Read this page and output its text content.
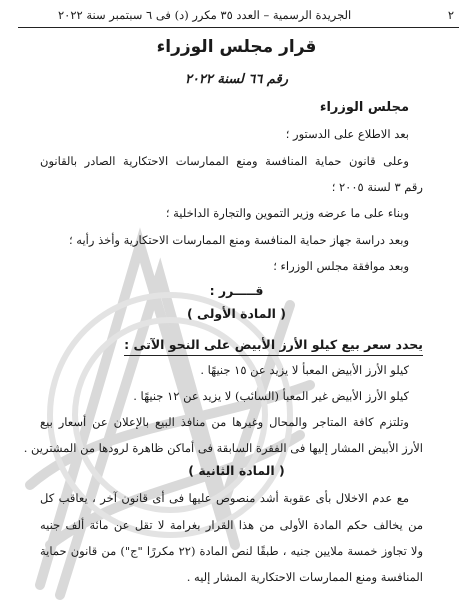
٢
الجريدة الرسمية – العدد ٣٥ مكرر (د) فى ٦ سبتمبر سنة ٢٠٢٢
قرار مجلس الوزراء
رقم ٦٦ لسنة ٢٠٢٢
مجلس الوزراء
بعد الاطلاع على الدستور ؛
وعلى قانون حماية المنافسة ومنع الممارسات الاحتكارية الصادر بالقانون
رقم ٣ لسنة ٢٠٠٥ ؛
وبناء على ما عرضه وزير التموين والتجارة الداخلية ؛
وبعد دراسة جهاز حماية المنافسة ومنع الممارسات الاحتكارية وأخذ رأيه ؛
وبعد موافقة مجلس الوزراء ؛
قـــــرر :
( المادة الأولى )
يحدد سعر بيع كيلو الأرز الأبيض على النحو الآتى :
كيلو الأرز الأبيض المعبأ لا يزيد عن ١٥ جنيهًا .
كيلو الأرز الأبيض غير المعبأ (السائب) لا يزيد عن ١٢ جنيهًا .
وتلتزم كافة المتاجر والمحال وغيرها من منافذ البيع بالإعلان عن أسعار بيع
الأرز الأبيض المشار إليها فى الفقرة السابقة فى أماكن ظاهرة لرودها من المشترين .
( المادة الثانية )
مع عدم الاخلال بأى عقوبة أشد منصوص عليها فى أى قانون آخر ، يعاقب كل
من يخالف حكم المادة الأولى من هذا القرار بغرامة لا تقل عن مائة ألف جنيه
ولا تجاوز خمسة ملايين جنيه ، طبقًا لنص المادة (٢٢ مكررًا "ج") من قانون حماية
المنافسة ومنع الممارسات الاحتكارية المشار إليه .
